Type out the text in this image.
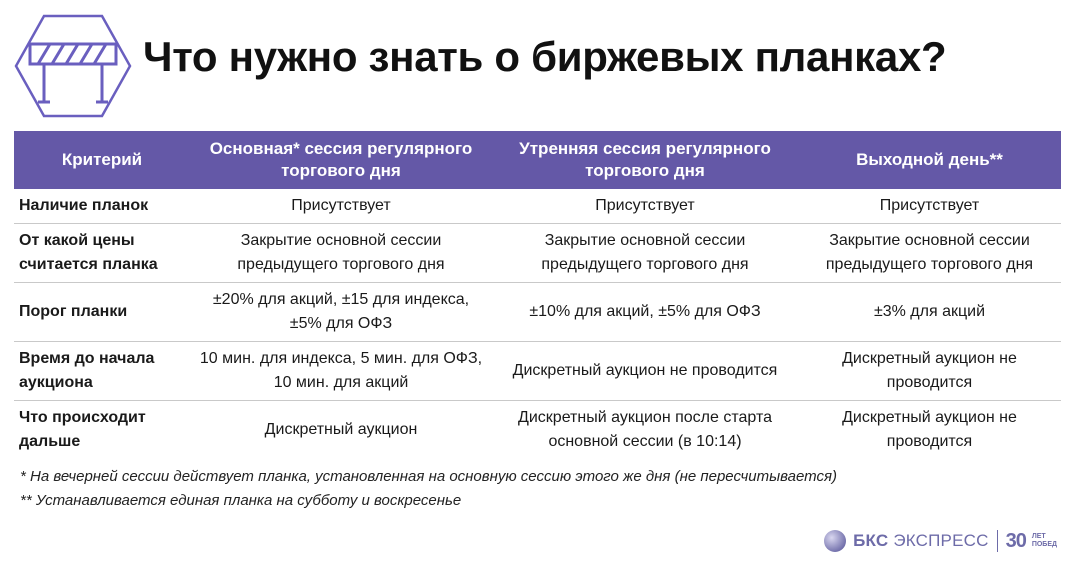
Что нужно знать о биржевых планках?
Критерий	Основная* сессия регулярного торгового дня	Утренняя сессия регулярного торгового дня	Выходной день**
Наличие планок	Присутствует	Присутствует	Присутствует
От какой цены считается планка	Закрытие основной сессии предыдущего торгового дня	Закрытие основной сессии предыдущего торгового дня	Закрытие основной сессии предыдущего торгового дня
Порог планки	±20% для акций, ±15 для индекса, ±5% для ОФЗ	±10% для акций, ±5% для ОФЗ	±3% для акций
Время до начала аукциона	10 мин. для индекса, 5 мин. для ОФЗ, 10 мин. для акций	Дискретный аукцион не проводится	Дискретный аукцион не проводится
Что происходит дальше	Дискретный аукцион	Дискретный аукцион после старта основной сессии (в 10:14)	Дискретный аукцион не проводится
* На вечерней сессии действует планка, установленная на основную сессию этого же дня (не пересчитывается)
** Устанавливается единая планка на субботу и воскресенье
БКС ЭКСПРЕСС 30 ЛЕТ
ПОБЕД
